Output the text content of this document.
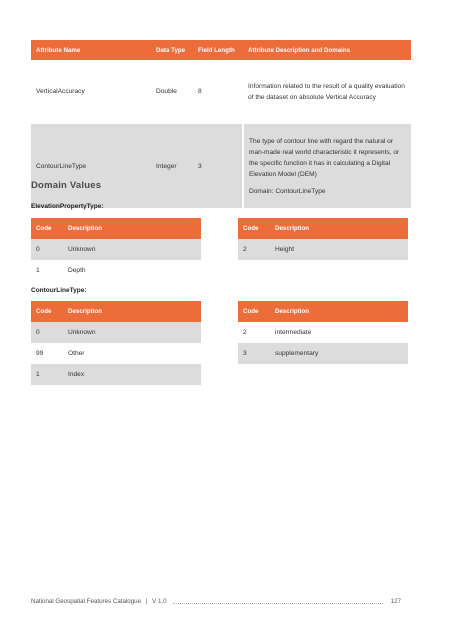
Attribute Name	Data Type	Field Length	Attribute Description and Domains
VerticalAccuracy	Double	8	Information related to the result of a quality evaluation of the dataset on absolute Vertical Accuracy

ContourLineType	Integer	3	The type of contour line with regard the natural or man-made real world characteristic it represents, or the specific function it has in calculating a Digital Elevation Model (DEM)
Domain: ContourLineType
Domain Values
ElevationPropertyType:
Code	Description
0	Unknown
1	Depth
Code	Description
2	Height
ContourLineType:
Code	Description
0	Unknown
99	Other
1	Index
Code	Description
2	intermediate
3	supplementary
National Geospatial Features Catalogue | V 1.0	127
